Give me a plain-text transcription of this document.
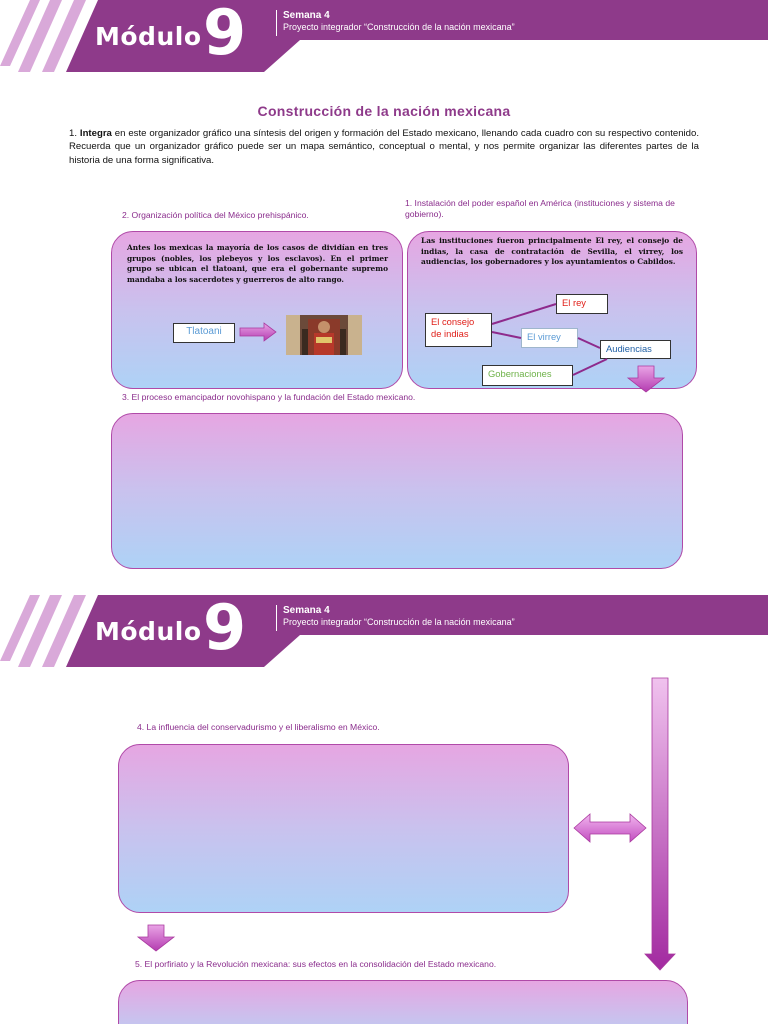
Módulo 9	Semana 4
Proyecto integrador “Construcción de la nación mexicana”
Construcción de la nación mexicana
1. Integra en este organizador gráfico una síntesis del origen y formación del Estado mexicano, llenando cada cuadro con su respectivo contenido. Recuerda que un organizador gráfico puede ser un mapa semántico, conceptual o mental, y nos permite organizar las diferentes partes de la historia de una forma significativa.
1. Instalación del poder español en América (instituciones y sistema de gobierno).
2. Organización política del México prehispánico.
3. El proceso emancipador novohispano y la fundación del Estado mexicano.
Antes los mexicas la mayoría de los casos de dividían en tres grupos (nobles, los plebeyos y los esclavos). En el primer grupo se ubican el tlatoani, que era el gobernante supremo mandaba a los sacerdotes y guerreros de alto rango.
Tlatoani
Las instituciones fueron principalmente El rey, el consejo de indias, la casa de contratación de Sevilla, el virrey, los audiencias, los gobernadores y los ayuntamientos o Cabildos.
El rey
El consejo de indias	El virrey
Audiencias
Gobernaciones
Módulo 9	Semana 4
Proyecto integrador “Construcción de la nación mexicana”
4. La influencia del conservadurismo y el liberalismo en México.
5. El porfiriato y la Revolución mexicana: sus efectos en la consolidación del Estado mexicano.
